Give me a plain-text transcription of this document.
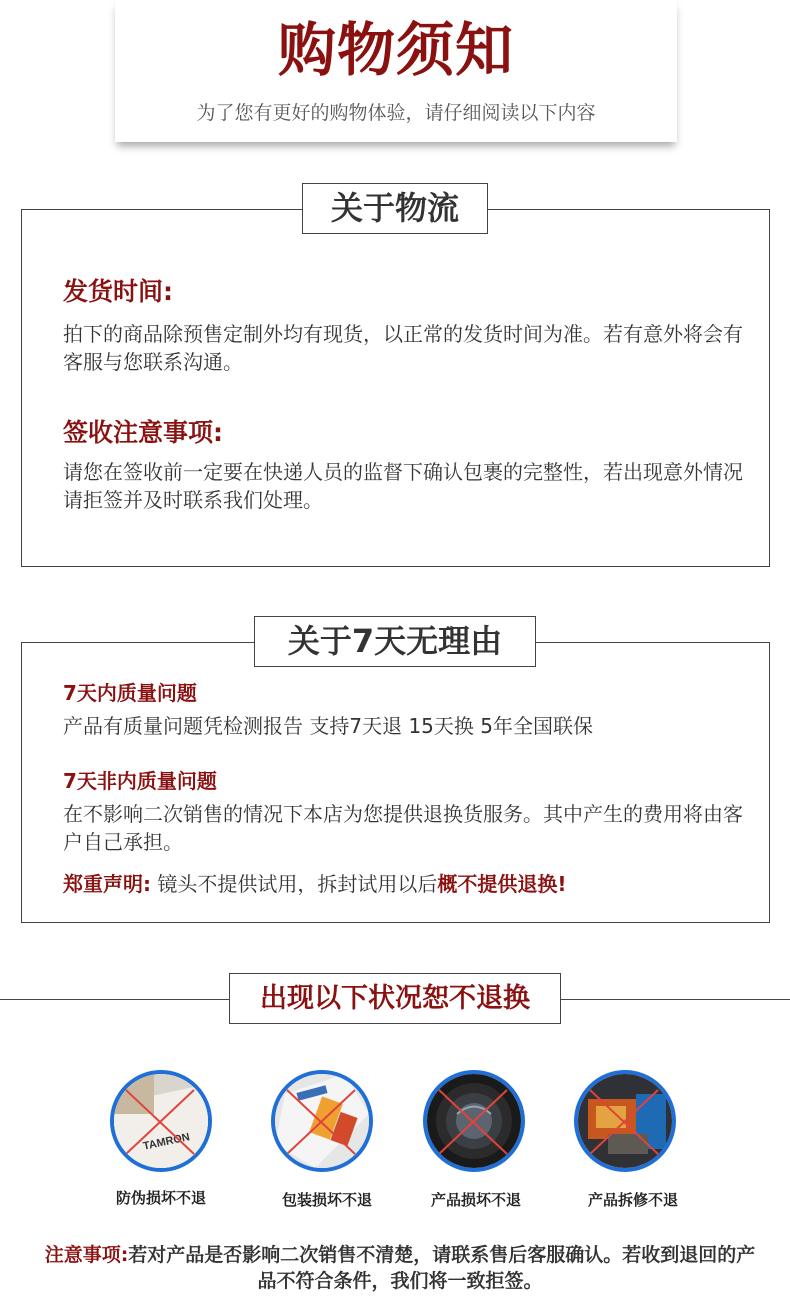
购物须知
为了您有更好的购物体验，请仔细阅读以下内容
关于物流
发货时间:
拍下的商品除预售定制外均有现货，以正常的发货时间为准。若有意外将会有客服与您联系沟通。
签收注意事项:
请您在签收前一定要在快递人员的监督下确认包裹的完整性，若出现意外情况请拒签并及时联系我们处理。
关于7天无理由
7天内质量问题
产品有质量问题凭检测报告 支持7天退 15天换 5年全国联保
7天非内质量问题
在不影响二次销售的情况下本店为您提供退换货服务。其中产生的费用将由客户自己承担。
郑重声明: 镜头不提供试用，拆封试用以后概不提供退换!
出现以下状况恕不退换
TAMRON
防伪损坏不退	包装损坏不退	产品损坏不退	产品拆修不退
注意事项:若对产品是否影响二次销售不清楚，请联系售后客服确认。若收到退回的产品不符合条件，我们将一致拒签。
